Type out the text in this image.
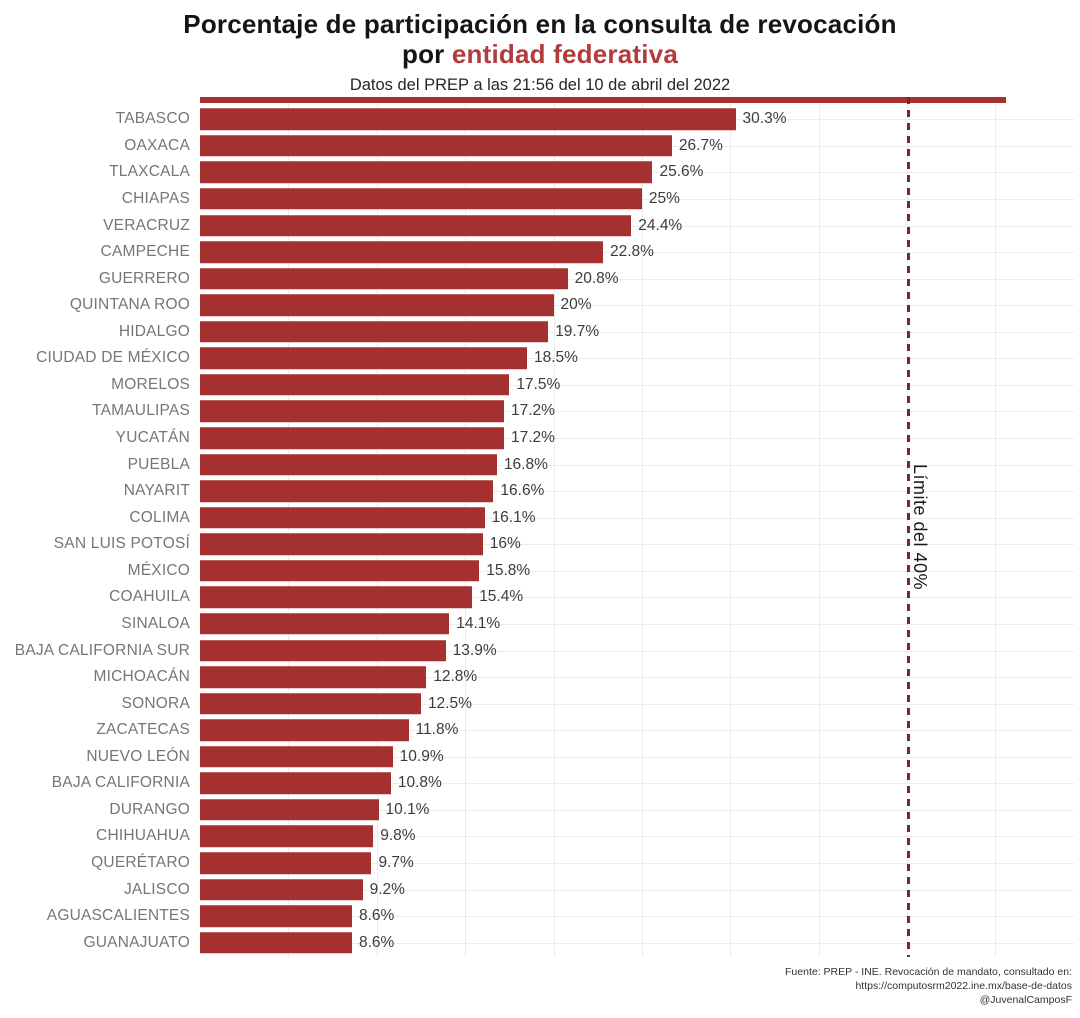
Porcentaje de participación en la consulta de revocación
por entidad federativa
Datos del PREP a las 21:56 del 10 de abril del 2022
TABASCO	30.3%
OAXACA	26.7%
TLAXCALA	25.6%
CHIAPAS	25%
VERACRUZ	24.4%
CAMPECHE	22.8%
GUERRERO	20.8%
QUINTANA ROO	20%
HIDALGO	19.7%
CIUDAD DE MÉXICO	18.5%
MORELOS	17.5%
TAMAULIPAS	17.2%
YUCATÁN	17.2%
PUEBLA	16.8%
NAYARIT	16.6%
COLIMA	16.1%
SAN LUIS POTOSÍ	16%
MÉXICO	15.8%
COAHUILA	15.4%
SINALOA	14.1%
BAJA CALIFORNIA SUR	13.9%
MICHOACÁN	12.8%
SONORA	12.5%
ZACATECAS	11.8%
NUEVO LEÓN	10.9%
BAJA CALIFORNIA	10.8%
DURANGO	10.1%
CHIHUAHUA	9.8%
QUERÉTARO	9.7%
JALISCO	9.2%
AGUASCALIENTES	8.6%
GUANAJUATO	8.6%
Límite del 40%
Fuente: PREP - INE. Revocación de mandato, consultado en:
https://computosrm2022.ine.mx/base-de-datos
@JuvenalCamposF
